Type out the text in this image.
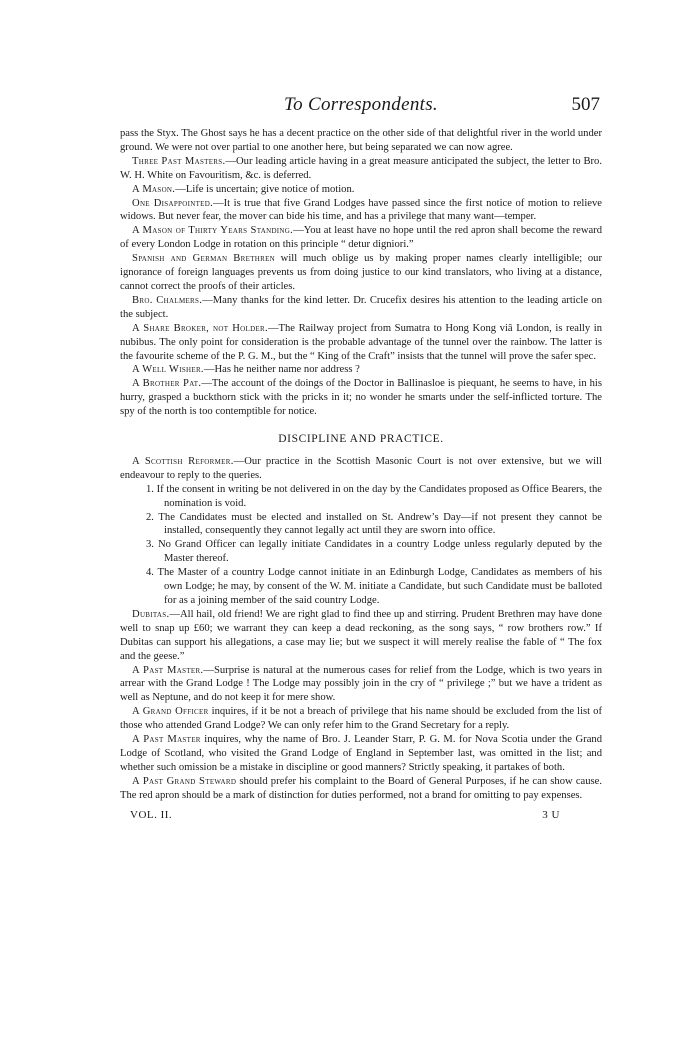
To Correspondents.	507

pass the Styx. The Ghost says he has a decent practice on the other side of that delightful river in the world under ground. We were not over partial to one another here, but being separated we can now agree.

Three Past Masters.—Our leading article having in a great measure anticipated the subject, the letter to Bro. W. H. White on Favouritism, &c. is deferred.

A Mason.—Life is uncertain; give notice of motion.

One Disappointed.—It is true that five Grand Lodges have passed since the first notice of motion to relieve widows. But never fear, the mover can bide his time, and has a privilege that many want—temper.

A Mason of Thirty Years Standing.—You at least have no hope until the red apron shall become the reward of every London Lodge in rotation on this principle “ detur digniori.”

Spanish and German Brethren will much oblige us by making proper names clearly intelligible; our ignorance of foreign languages prevents us from doing justice to our kind translators, who living at a distance, cannot correct the proofs of their articles.

Bro. Chalmers.—Many thanks for the kind letter. Dr. Crucefix desires his attention to the leading article on the subject.

A Share Broker, not Holder.—The Railway project from Sumatra to Hong Kong viâ London, is really in nubibus. The only point for consideration is the probable advantage of the tunnel over the rainbow. The latter is the favourite scheme of the P. G. M., but the “ King of the Craft” insists that the tunnel will prove the safer spec.

A Well Wisher.—Has he neither name nor address ?

A Brother Pat.—The account of the doings of the Doctor in Ballinasloe is piequant, he seems to have, in his hurry, grasped a buckthorn stick with the pricks in it; no wonder he smarts under the self-inflicted torture. The spy of the north is too contemptible for notice.

DISCIPLINE AND PRACTICE.

A Scottish Reformer.—Our practice in the Scottish Masonic Court is not over extensive, but we will endeavour to reply to the queries.

1. If the consent in writing be not delivered in on the day by the Candidates proposed as Office Bearers, the nomination is void.

2. The Candidates must be elected and installed on St. Andrew’s Day—if not present they cannot be installed, consequently they cannot legally act until they are sworn into office.

3. No Grand Officer can legally initiate Candidates in a country Lodge unless regularly deputed by the Master thereof.

4. The Master of a country Lodge cannot initiate in an Edinburgh Lodge, Candidates as members of his own Lodge; he may, by consent of the W. M. initiate a Candidate, but such Candidate must be balloted for as a joining member of the said country Lodge.

Dubitas.—All hail, old friend! We are right glad to find thee up and stirring. Prudent Brethren may have done well to snap up £60; we warrant they can keep a dead reckoning, as the song says, “ row brothers row.” If Dubitas can support his allegations, a case may lie; but we suspect it will merely realise the fable of “ The fox and the geese.”

A Past Master.—Surprise is natural at the numerous cases for relief from the Lodge, which is two years in arrear with the Grand Lodge ! The Lodge may possibly join in the cry of “ privilege ;” but we have a trident as well as Neptune, and do not keep it for mere show.

A Grand Officer inquires, if it be not a breach of privilege that his name should be excluded from the list of those who attended Grand Lodge? We can only refer him to the Grand Secretary for a reply.

A Past Master inquires, why the name of Bro. J. Leander Starr, P. G. M. for Nova Scotia under the Grand Lodge of Scotland, who visited the Grand Lodge of England in September last, was omitted in the list; and whether such omission be a mistake in discipline or good manners? Strictly speaking, it partakes of both.

A Past Grand Steward should prefer his complaint to the Board of General Purposes, if he can show cause. The red apron should be a mark of distinction for duties performed, not a brand for omitting to pay expenses.

VOL. II.	3 U
